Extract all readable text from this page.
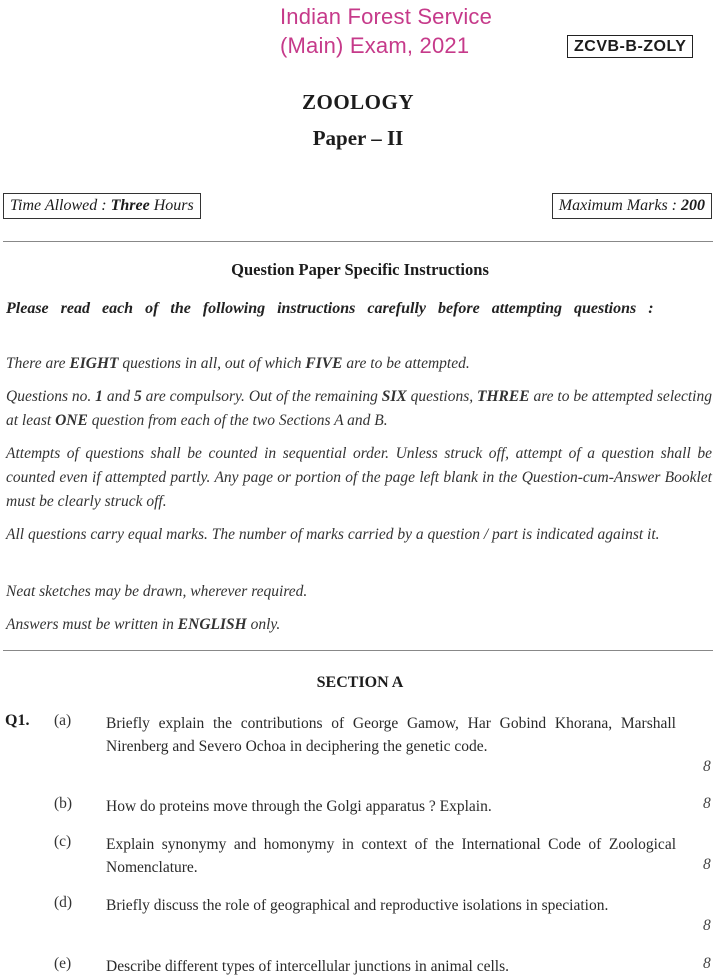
Indian Forest Service
(Main) Exam, 2021	ZCVB-B-ZOLY
ZOOLOGY
Paper – II
Time Allowed : Three Hours	Maximum Marks : 200
Question Paper Specific Instructions
Please read each of the following instructions carefully before attempting questions :
There are EIGHT questions in all, out of which FIVE are to be attempted.
Questions no. 1 and 5 are compulsory. Out of the remaining SIX questions, THREE are to be attempted selecting at least ONE question from each of the two Sections A and B.
Attempts of questions shall be counted in sequential order. Unless struck off, attempt of a question shall be counted even if attempted partly. Any page or portion of the page left blank in the Question-cum-Answer Booklet must be clearly struck off.
All questions carry equal marks. The number of marks carried by a question / part is indicated against it.
Neat sketches may be drawn, wherever required.
Answers must be written in ENGLISH only.
SECTION A
Q1. (a) Briefly explain the contributions of George Gamow, Har Gobind Khorana, Marshall Nirenberg and Severo Ochoa in deciphering the genetic code.
8
(b) How do proteins move through the Golgi apparatus ? Explain.	8
(c) Explain synonymy and homonymy in context of the International Code of Zoological Nomenclature.	8
(d) Briefly discuss the role of geographical and reproductive isolations in speciation.
8
(e) Describe different types of intercellular junctions in animal cells.	8
